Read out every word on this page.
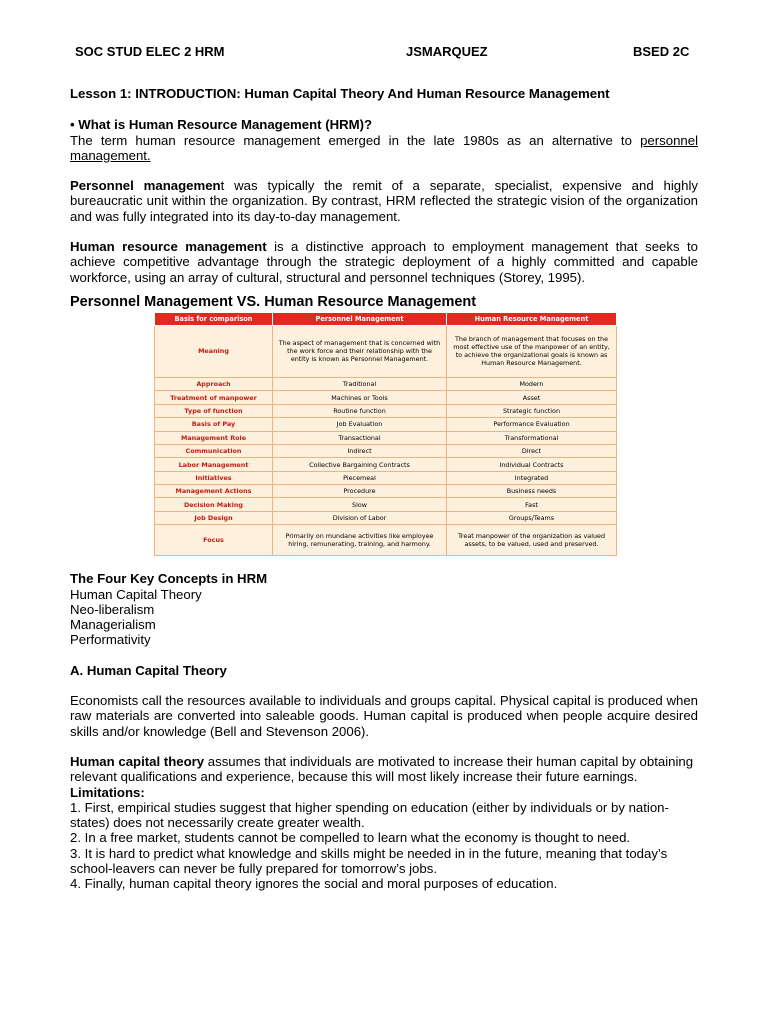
SOC STUD ELEC 2 HRM	JSMARQUEZ	BSED 2C

Lesson 1: INTRODUCTION: Human Capital Theory And Human Resource Management

• What is Human Resource Management (HRM)?

The term human resource management emerged in the late 1980s as an alternative to personnel management.

Personnel management was typically the remit of a separate, specialist, expensive and highly bureaucratic unit within the organization. By contrast, HRM reflected the strategic vision of the organization and was fully integrated into its day-to-day management.

Human resource management is a distinctive approach to employment management that seeks to achieve competitive advantage through the strategic deployment of a highly committed and capable workforce, using an array of cultural, structural and personnel techniques (Storey, 1995).

Personnel Management VS. Human Resource Management

Basis for comparison	Personnel Management	Human Resource Management
Meaning	The aspect of management that is concerned with the work force and their relationship with the entity is known as Personnel Management.	The branch of management that focuses on the most effective use of the manpower of an entity, to achieve the organizational goals is known as Human Resource Management.
Approach	Traditional	Modern
Treatment of manpower	Machines or Tools	Asset
Type of function	Routine function	Strategic function
Basis of Pay	Job Evaluation	Performance Evaluation
Management Role	Transactional	Transformational
Communication	Indirect	Direct
Labor Management	Collective Bargaining Contracts	Individual Contracts
Initiatives	Piecemeal	Integrated
Management Actions	Procedure	Business needs
Decision Making	Slow	Fast
Job Design	Division of Labor	Groups/Teams
Focus	Primarily on mundane activities like employee hiring, remunerating, training, and harmony.	Treat manpower of the organization as valued assets, to be valued, used and preserved.

The Four Key Concepts in HRM

Human Capital Theory

Neo-liberalism

Managerialism

Performativity

A. Human Capital Theory

Economists call the resources available to individuals and groups capital. Physical capital is produced when raw materials are converted into saleable goods. Human capital is produced when people acquire desired skills and/or knowledge (Bell and Stevenson 2006).

Human capital theory assumes that individuals are motivated to increase their human capital by obtaining relevant qualifications and experience, because this will most likely increase their future earnings.

Limitations:

1. First, empirical studies suggest that higher spending on education (either by individuals or by nation-states) does not necessarily create greater wealth.

2. In a free market, students cannot be compelled to learn what the economy is thought to need.

3. It is hard to predict what knowledge and skills might be needed in in the future, meaning that today’s school-leavers can never be fully prepared for tomorrow’s jobs.

4. Finally, human capital theory ignores the social and moral purposes of education.
